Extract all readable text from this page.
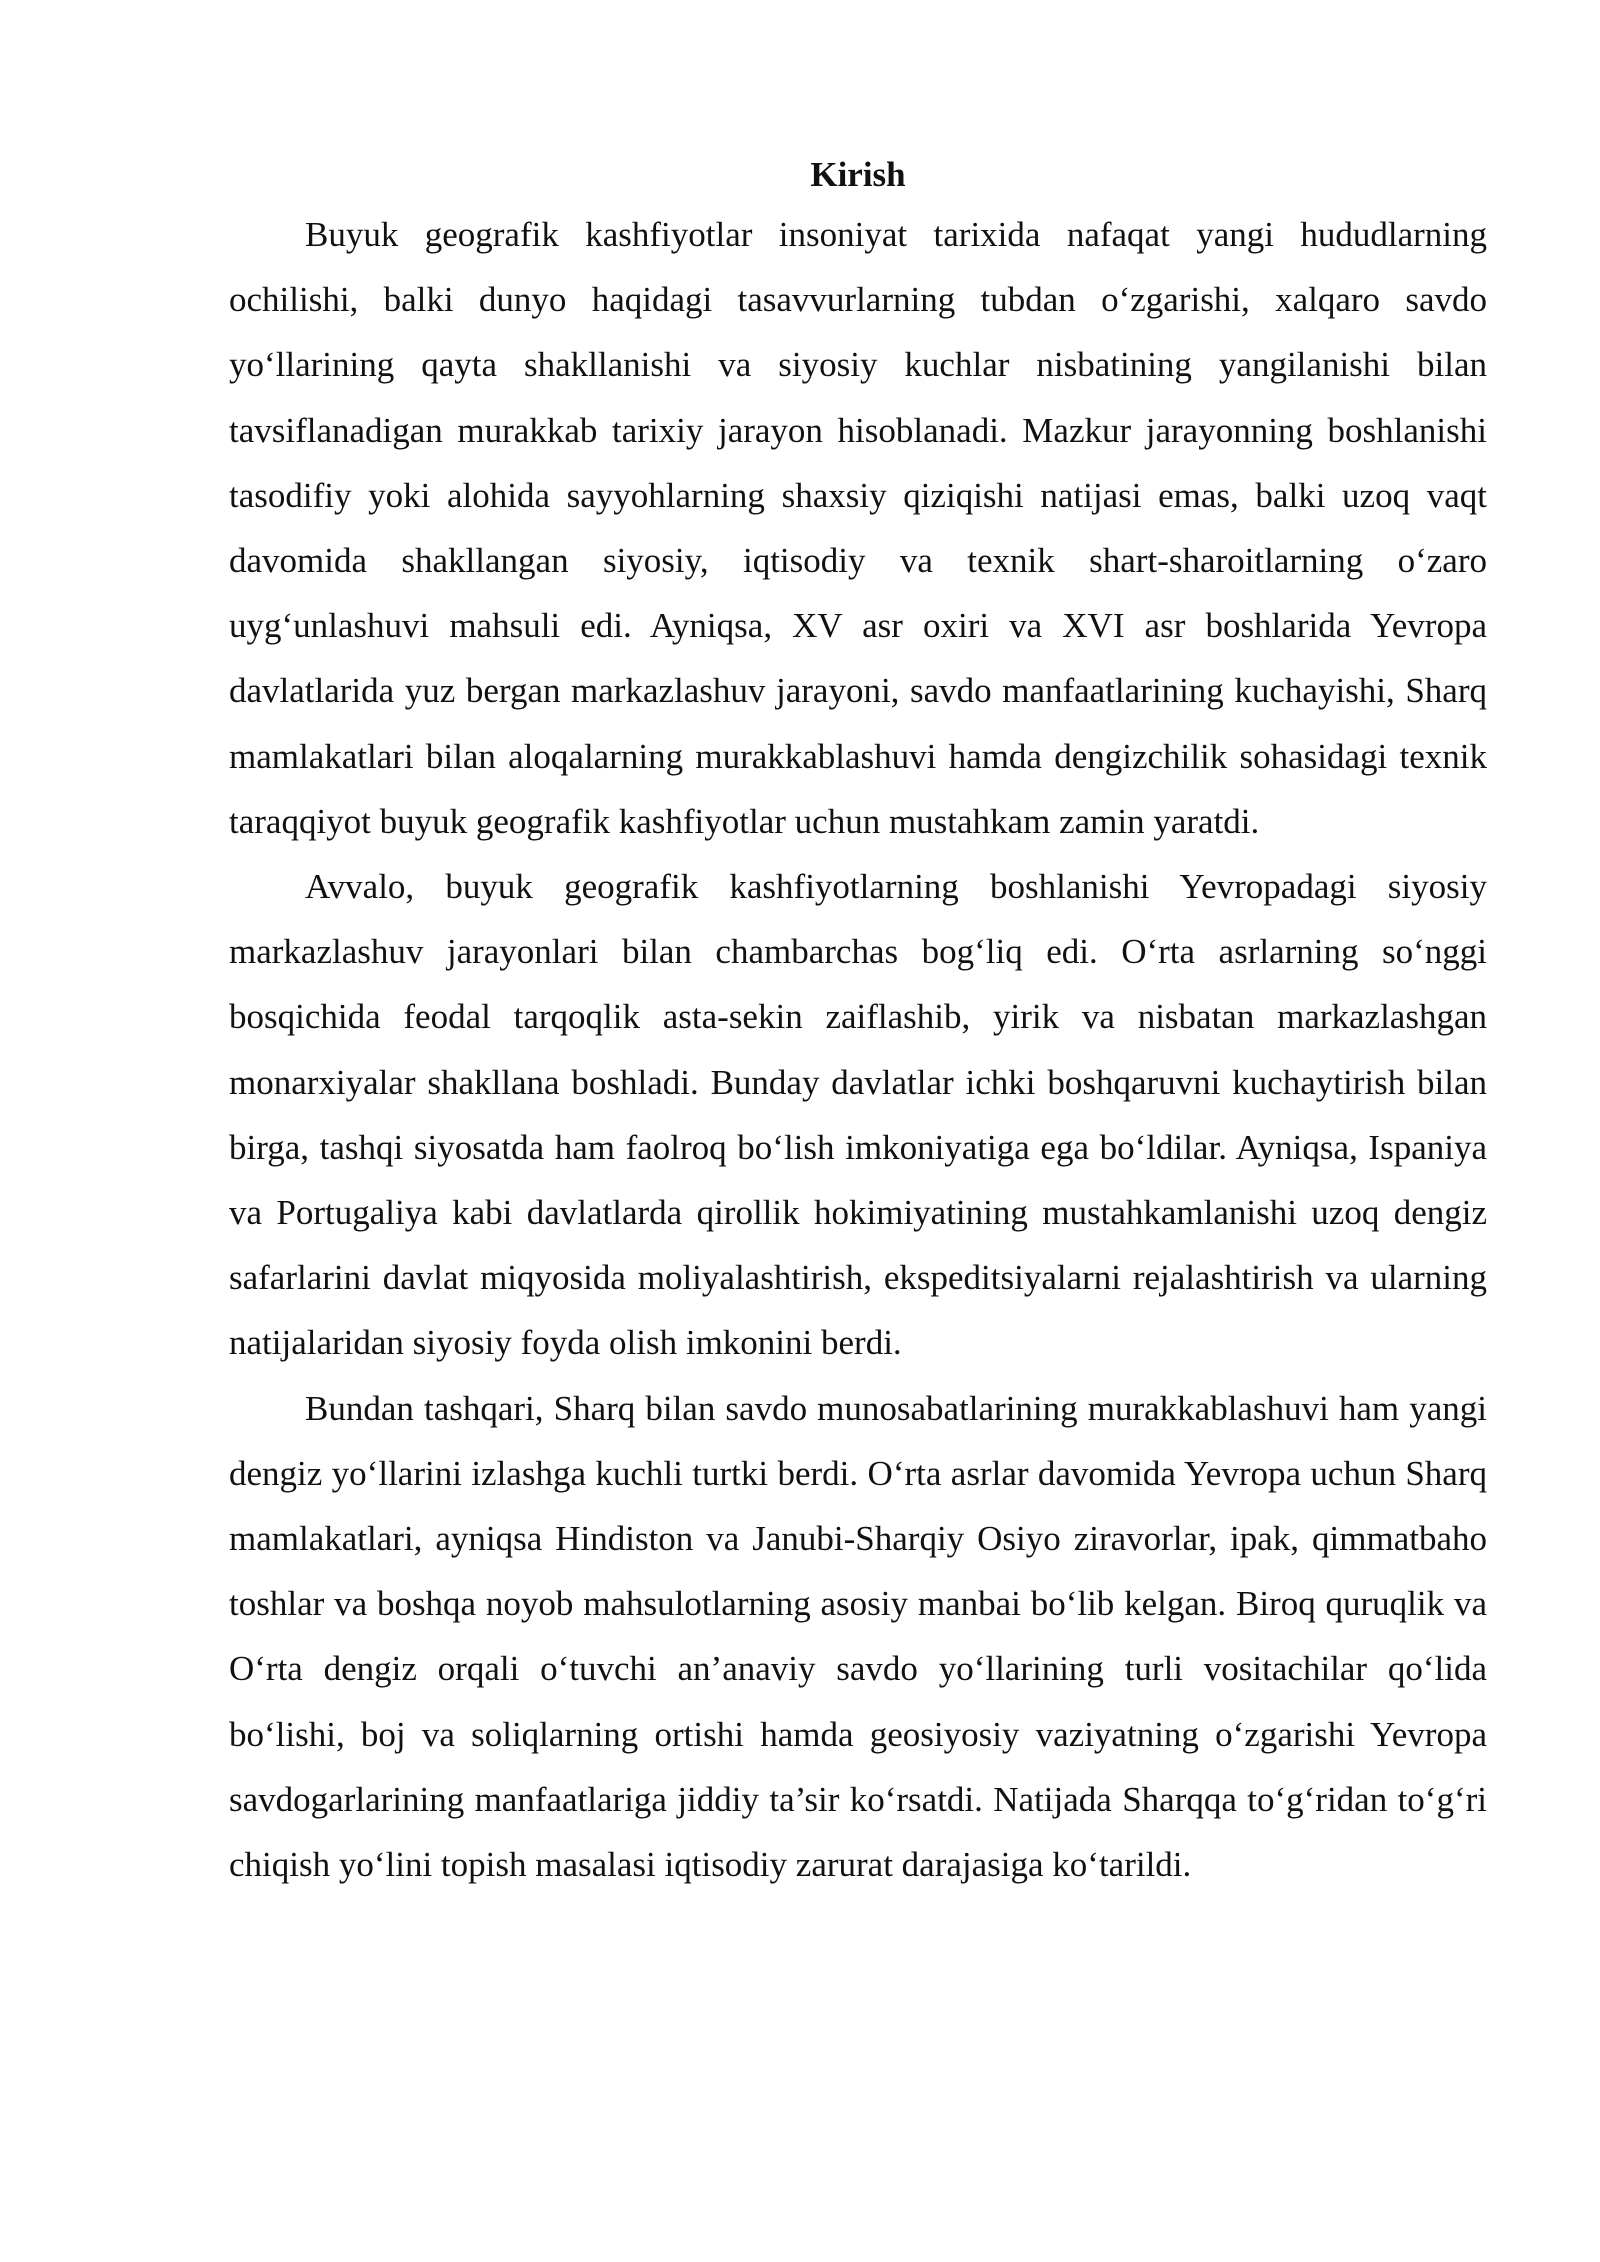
Kirish

Buyuk geografik kashfiyotlar insoniyat tarixida nafaqat yangi hududlarning ochilishi, balki dunyo haqidagi tasavvurlarning tubdan o‘zgarishi, xalqaro savdo yo‘llarining qayta shakllanishi va siyosiy kuchlar nisbatining yangilanishi bilan tavsiflanadigan murakkab tarixiy jarayon hisoblanadi. Mazkur jarayonning boshlanishi tasodifiy yoki alohida sayyohlarning shaxsiy qiziqishi natijasi emas, balki uzoq vaqt davomida shakllangan siyosiy, iqtisodiy va texnik shart-sharoitlarning o‘zaro uyg‘unlashuvi mahsuli edi. Ayniqsa, XV asr oxiri va XVI asr boshlarida Yevropa davlatlarida yuz bergan markazlashuv jarayoni, savdo manfaatlarining kuchayishi, Sharq mamlakatlari bilan aloqalarning murakkablashuvi hamda dengizchilik sohasidagi texnik taraqqiyot buyuk geografik kashfiyotlar uchun mustahkam zamin yaratdi.

Avvalo, buyuk geografik kashfiyotlarning boshlanishi Yevropadagi siyosiy markazlashuv jarayonlari bilan chambarchas bog‘liq edi. O‘rta asrlarning so‘nggi bosqichida feodal tarqoqlik asta-sekin zaiflashib, yirik va nisbatan markazlashgan monarxiyalar shakllana boshladi. Bunday davlatlar ichki boshqaruvni kuchaytirish bilan birga, tashqi siyosatda ham faolroq bo‘lish imkoniyatiga ega bo‘ldilar. Ayniqsa, Ispaniya va Portugaliya kabi davlatlarda qirollik hokimiyatining mustahkamlanishi uzoq dengiz safarlarini davlat miqyosida moliyalashtirish, ekspeditsiyalarni rejalashtirish va ularning natijalaridan siyosiy foyda olish imkonini berdi.

Bundan tashqari, Sharq bilan savdo munosabatlarining murakkablashuvi ham yangi dengiz yo‘llarini izlashga kuchli turtki berdi. O‘rta asrlar davomida Yevropa uchun Sharq mamlakatlari, ayniqsa Hindiston va Janubi-Sharqiy Osiyo ziravorlar, ipak, qimmatbaho toshlar va boshqa noyob mahsulotlarning asosiy manbai bo‘lib kelgan. Biroq quruqlik va O‘rta dengiz orqali o‘tuvchi an’anaviy savdo yo‘llarining turli vositachilar qo‘lida bo‘lishi, boj va soliqlarning ortishi hamda geosiyosiy vaziyatning o‘zgarishi Yevropa savdogarlarining manfaatlariga jiddiy ta’sir ko‘rsatdi. Natijada Sharqqa to‘g‘ridan to‘g‘ri chiqish yo‘lini topish masalasi iqtisodiy zarurat darajasiga ko‘tarildi.
